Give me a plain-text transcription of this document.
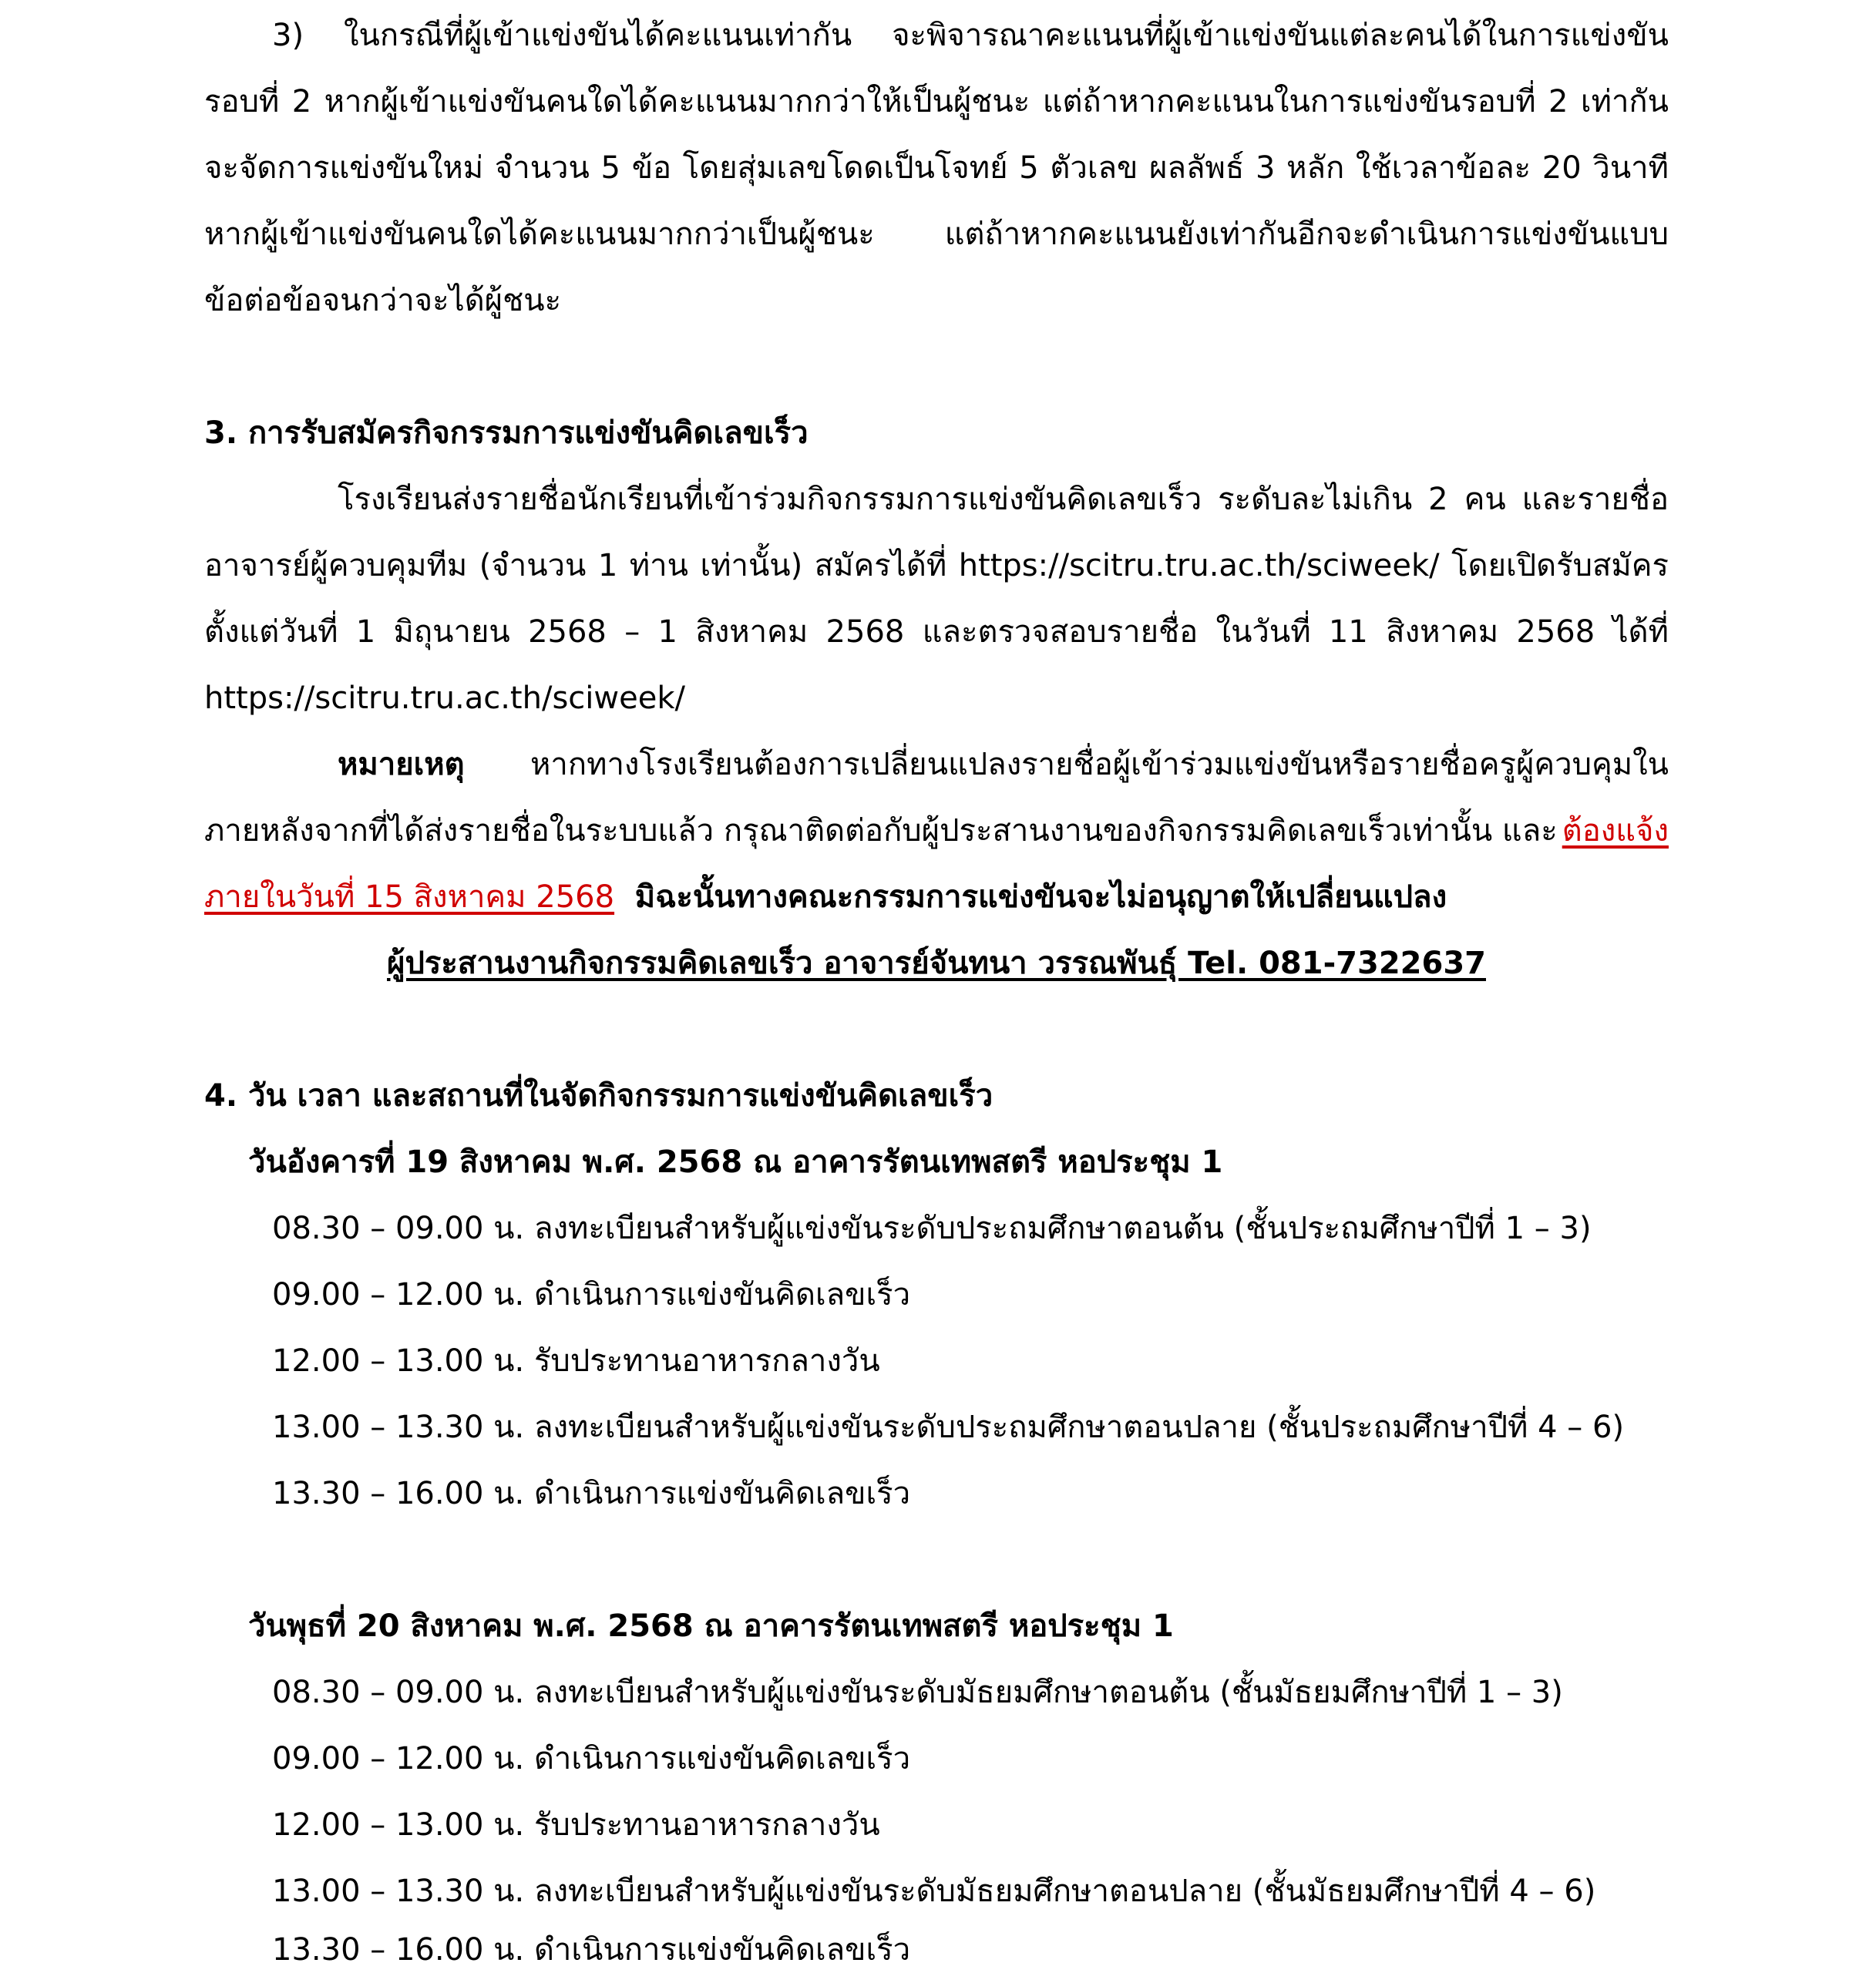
3) ในกรณีที่ผู้เข้าแข่งขันได้คะแนนเท่ากัน จะพิจารณาคะแนนที่ผู้เข้าแข่งขันแต่ละคนได้ในการแข่งขัน
รอบที่ 2 หากผู้เข้าแข่งขันคนใดได้คะแนนมากกว่าให้เป็นผู้ชนะ แต่ถ้าหากคะแนนในการแข่งขันรอบที่ 2 เท่ากัน
จะจัดการแข่งขันใหม่ จำนวน 5 ข้อ โดยสุ่มเลขโดดเป็นโจทย์ 5 ตัวเลข ผลลัพธ์ 3 หลัก ใช้เวลาข้อละ 20 วินาที
หากผู้เข้าแข่งขันคนใดได้คะแนนมากกว่าเป็นผู้ชนะ แต่ถ้าหากคะแนนยังเท่ากันอีกจะดำเนินการแข่งขันแบบ
ข้อต่อข้อจนกว่าจะได้ผู้ชนะ
3. การรับสมัครกิจกรรมการแข่งขันคิดเลขเร็ว
โรงเรียนส่งรายชื่อนักเรียนที่เข้าร่วมกิจกรรมการแข่งขันคิดเลขเร็ว ระดับละไม่เกิน 2 คน และรายชื่อ
อาจารย์ผู้ควบคุมทีม (จำนวน 1 ท่าน เท่านั้น) สมัครได้ที่ https://scitru.tru.ac.th/sciweek/ โดยเปิดรับสมัคร
ตั้งแต่วันที่ 1 มิถุนายน 2568 – 1 สิงหาคม 2568 และตรวจสอบรายชื่อ ในวันที่ 11 สิงหาคม 2568 ได้ที่
https://scitru.tru.ac.th/sciweek/
หมายเหตุ หากทางโรงเรียนต้องการเปลี่ยนแปลงรายชื่อผู้เข้าร่วมแข่งขันหรือรายชื่อครูผู้ควบคุมใน
ภายหลังจากที่ได้ส่งรายชื่อในระบบแล้ว กรุณาติดต่อกับผู้ประสานงานของกิจกรรมคิดเลขเร็วเท่านั้น และ ต้องแจ้ง
ภายในวันที่ 15 สิงหาคม 2568 มิฉะนั้นทางคณะกรรมการแข่งขันจะไม่อนุญาตให้เปลี่ยนแปลง
ผู้ประสานงานกิจกรรมคิดเลขเร็ว อาจารย์จันทนา วรรณพันธุ์ Tel. 081-7322637
4. วัน เวลา และสถานที่ในจัดกิจกรรมการแข่งขันคิดเลขเร็ว
วันอังคารที่ 19 สิงหาคม พ.ศ. 2568 ณ อาคารรัตนเทพสตรี หอประชุม 1
08.30 – 09.00 น. ลงทะเบียนสำหรับผู้แข่งขันระดับประถมศึกษาตอนต้น (ชั้นประถมศึกษาปีที่ 1 – 3)
09.00 – 12.00 น. ดำเนินการแข่งขันคิดเลขเร็ว
12.00 – 13.00 น. รับประทานอาหารกลางวัน
13.00 – 13.30 น. ลงทะเบียนสำหรับผู้แข่งขันระดับประถมศึกษาตอนปลาย (ชั้นประถมศึกษาปีที่ 4 – 6)
13.30 – 16.00 น. ดำเนินการแข่งขันคิดเลขเร็ว
วันพุธที่ 20 สิงหาคม พ.ศ. 2568 ณ อาคารรัตนเทพสตรี หอประชุม 1
08.30 – 09.00 น. ลงทะเบียนสำหรับผู้แข่งขันระดับมัธยมศึกษาตอนต้น (ชั้นมัธยมศึกษาปีที่ 1 – 3)
09.00 – 12.00 น. ดำเนินการแข่งขันคิดเลขเร็ว
12.00 – 13.00 น. รับประทานอาหารกลางวัน
13.00 – 13.30 น. ลงทะเบียนสำหรับผู้แข่งขันระดับมัธยมศึกษาตอนปลาย (ชั้นมัธยมศึกษาปีที่ 4 – 6)
13.30 – 16.00 น. ดำเนินการแข่งขันคิดเลขเร็ว
